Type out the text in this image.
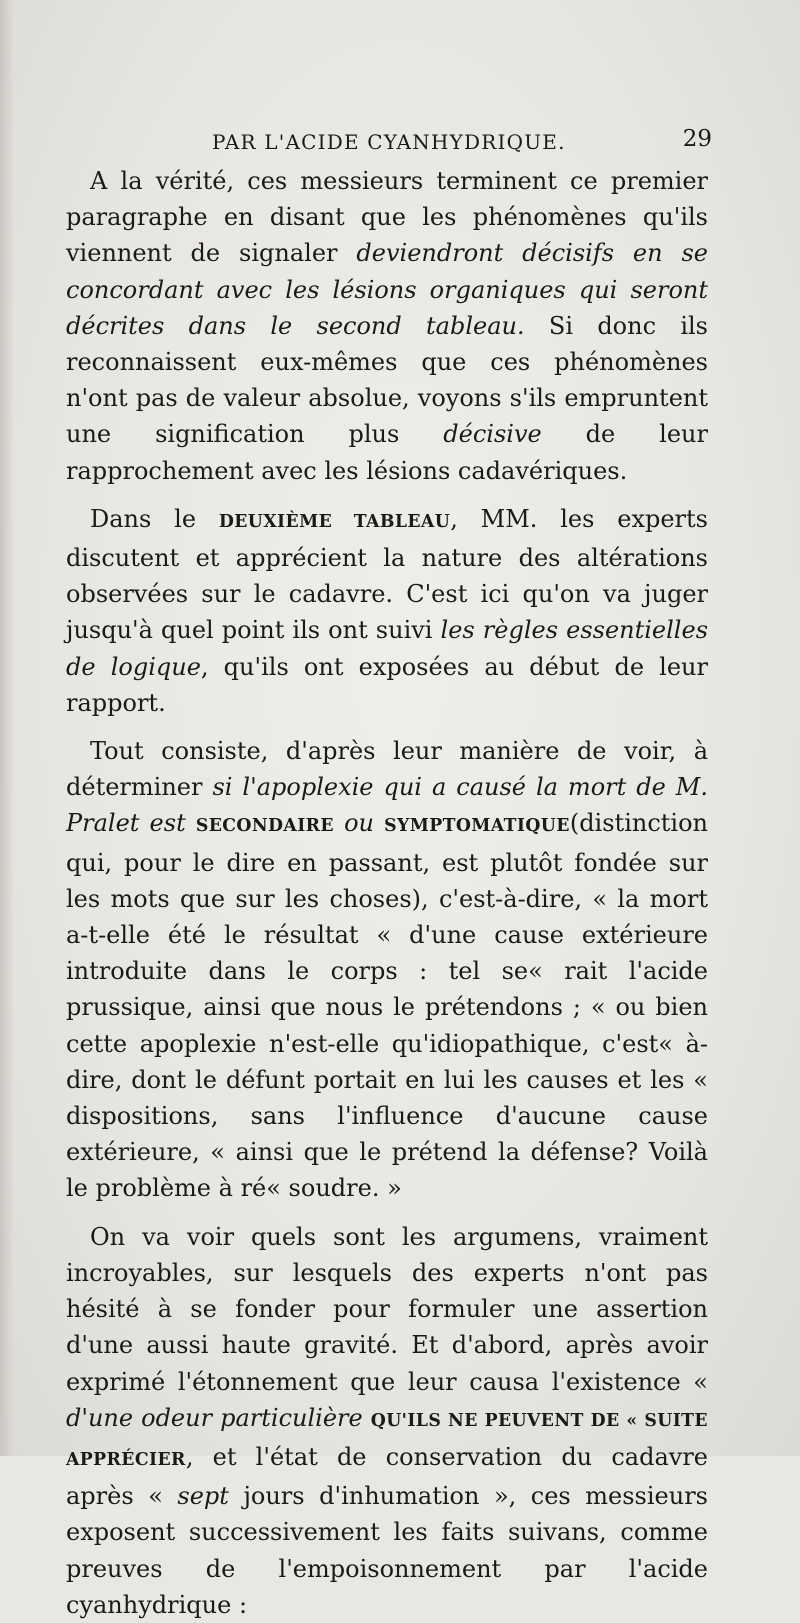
PAR L'ACIDE CYANHYDRIQUE.	29

A la vérité, ces messieurs terminent ce premier paragraphe en disant que les phénomènes qu'ils viennent de signaler deviendront décisifs en se concordant avec les lésions organiques qui seront décrites dans le second tableau. Si donc ils reconnaissent eux-mêmes que ces phénomènes n'ont pas de valeur absolue, voyons s'ils empruntent une signification plus décisive de leur rapprochement avec les lésions cadavériques.

Dans le DEUXIÈME TABLEAU, MM. les experts discutent et apprécient la nature des altérations observées sur le cadavre. C'est ici qu'on va juger jusqu'à quel point ils ont suivi les règles essentielles de logique, qu'ils ont exposées au début de leur rapport.

Tout consiste, d'après leur manière de voir, à déterminer si l'apoplexie qui a causé la mort de M. Pralet est SECONDAIRE ou SYMPTOMATIQUE(distinction qui, pour le dire en passant, est plutôt fondée sur les mots que sur les choses), c'est-à-dire, « la mort a-t-elle été le résultat « d'une cause extérieure introduite dans le corps : tel se« rait l'acide prussique, ainsi que nous le prétendons ; « ou bien cette apoplexie n'est-elle qu'idiopathique, c'est« à-dire, dont le défunt portait en lui les causes et les « dispositions, sans l'influence d'aucune cause extérieure, « ainsi que le prétend la défense? Voilà le problème à ré« soudre. »

On va voir quels sont les argumens, vraiment incroyables, sur lesquels des experts n'ont pas hésité à se fonder pour formuler une assertion d'une aussi haute gravité. Et d'abord, après avoir exprimé l'étonnement que leur causa l'existence « d'une odeur particulière QU'ILS NE PEUVENT DE « SUITE APPRÉCIER, et l'état de conservation du cadavre après « sept jours d'inhumation », ces messieurs exposent successivement les faits suivans, comme preuves de l'empoisonnement par l'acide cyanhydrique :
